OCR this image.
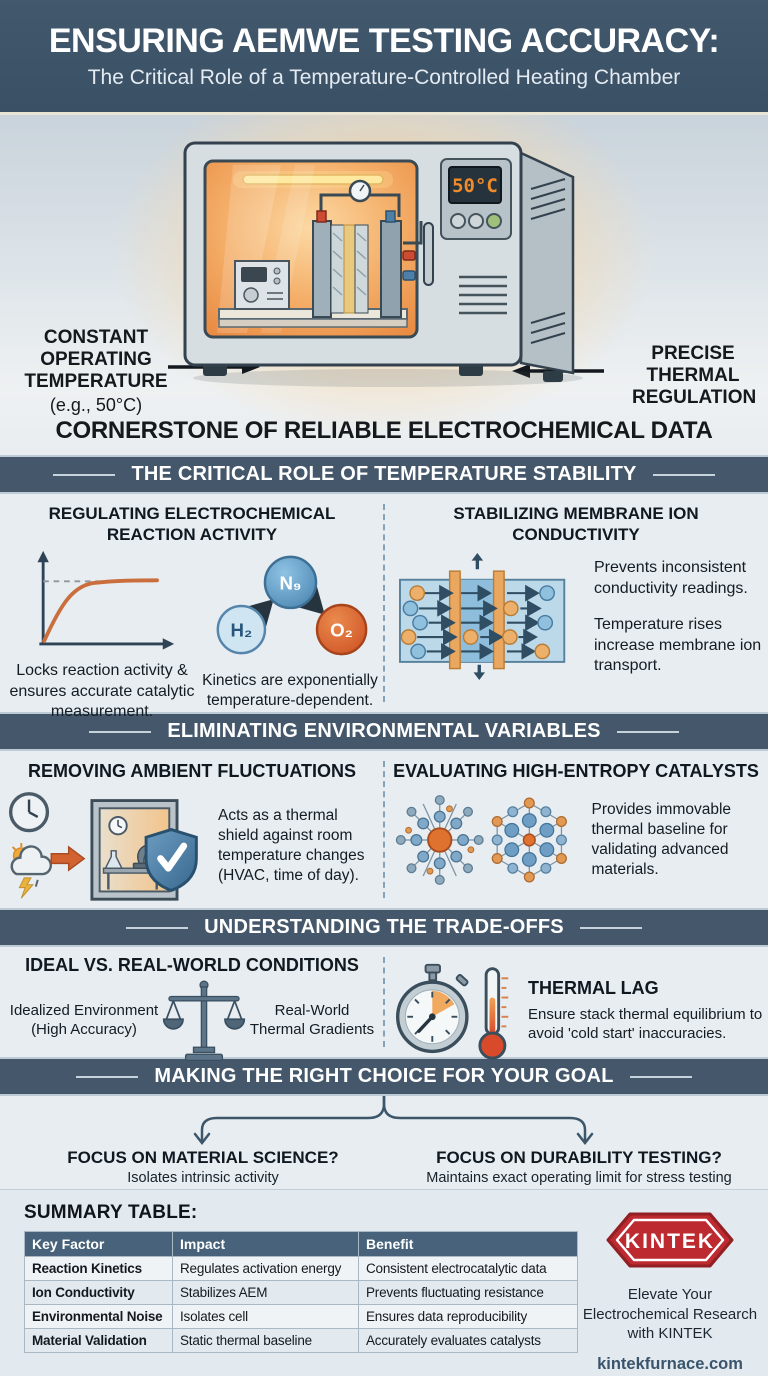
ENSURING AEMWE TESTING ACCURACY:
The Critical Role of a Temperature-Controlled Heating Chamber
CONSTANT OPERATING TEMPERATURE
(e.g., 50°C)
PRECISE THERMAL REGULATION
50°C
CORNERSTONE OF RELIABLE ELECTROCHEMICAL DATA
THE CRITICAL ROLE OF TEMPERATURE STABILITY
REGULATING ELECTROCHEMICAL REACTION ACTIVITY
Locks reaction activity & ensures accurate catalytic measurement.
H₂
N₉
O₂
Kinetics are exponentially temperature-dependent.
STABILIZING MEMBRANE ION CONDUCTIVITY
Prevents inconsistent conductivity readings.
Temperature rises increase membrane ion transport.
ELIMINATING ENVIRONMENTAL VARIABLES
REMOVING AMBIENT FLUCTUATIONS
Acts as a thermal shield against room temperature changes (HVAC, time of day).
EVALUATING HIGH-ENTROPY CATALYSTS
Provides immovable thermal baseline for validating advanced materials.
UNDERSTANDING THE TRADE-OFFS
IDEAL VS. REAL-WORLD CONDITIONS
Idealized Environment (High Accuracy)
Real-World Thermal Gradients
THERMAL LAG
Ensure stack thermal equilibrium to avoid 'cold start' inaccuracies.
MAKING THE RIGHT CHOICE FOR YOUR GOAL
FOCUS ON MATERIAL SCIENCE?
Isolates intrinsic activity
FOCUS ON DURABILITY TESTING?
Maintains exact operating limit for stress testing
SUMMARY TABLE:
Key Factor	Impact	Benefit
Reaction Kinetics	Regulates activation energy	Consistent electrocatalytic data
Ion Conductivity	Stabilizes AEM	Prevents fluctuating resistance
Environmental Noise	Isolates cell	Ensures data reproducibility
Material Validation	Static thermal baseline	Accurately evaluates catalysts
KINTEK
Elevate Your Electrochemical Research with KINTEK
kintekfurnace.com
